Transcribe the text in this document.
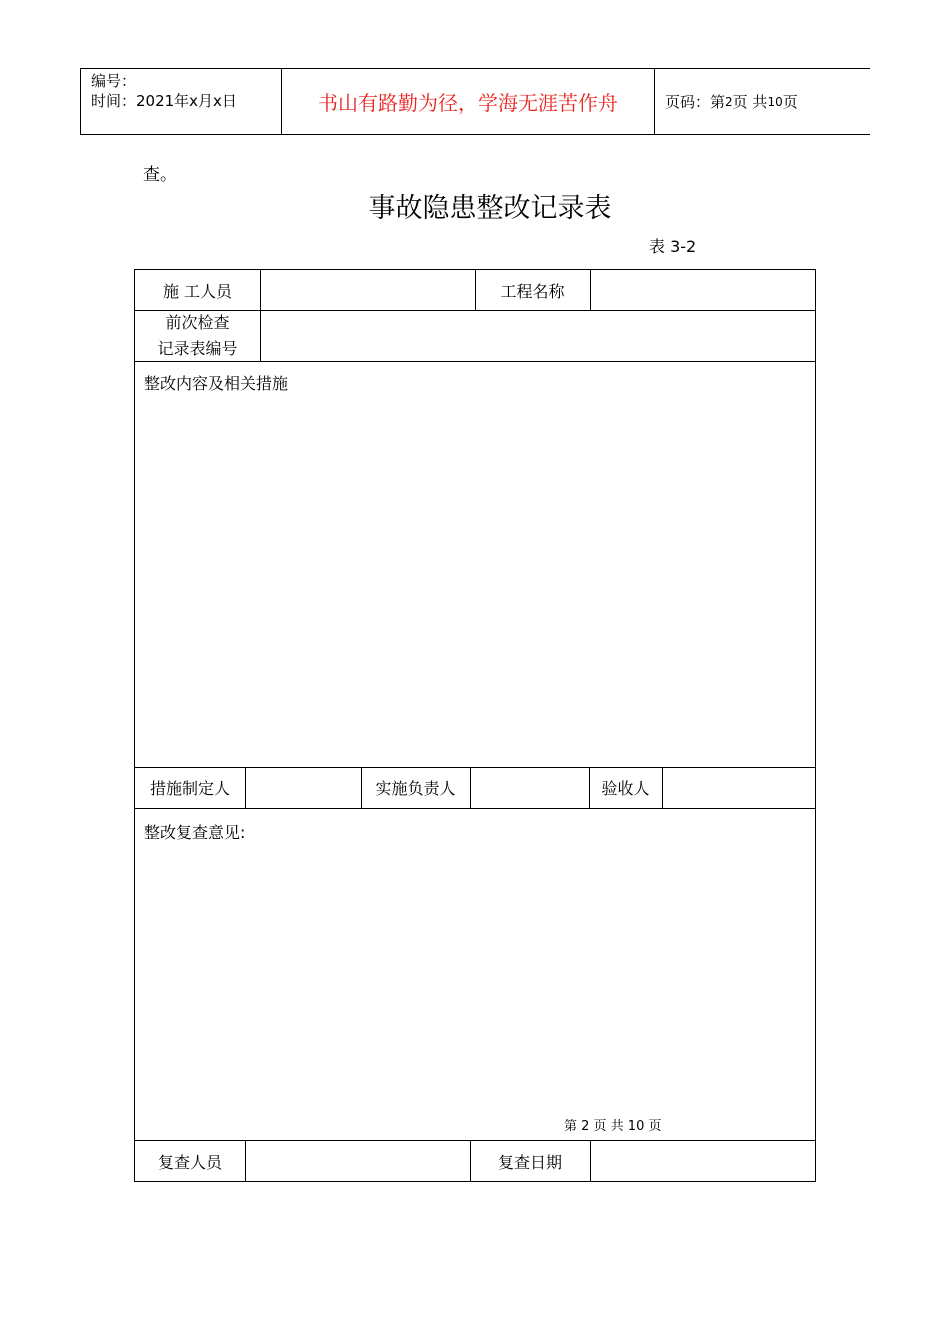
编号：
时间：2021年x月x日	书山有路勤为径，学海无涯苦作舟	页码：第 2 页 共 10 页
查。
事故隐患整改记录表
表 3-2
施 工人员	工程名称
前次检查
记录表编号
整改内容及相关措施
措施制定人	实施负责人	验收人
整改复查意见:
第 2 页 共 10 页
复查人员	复查日期
